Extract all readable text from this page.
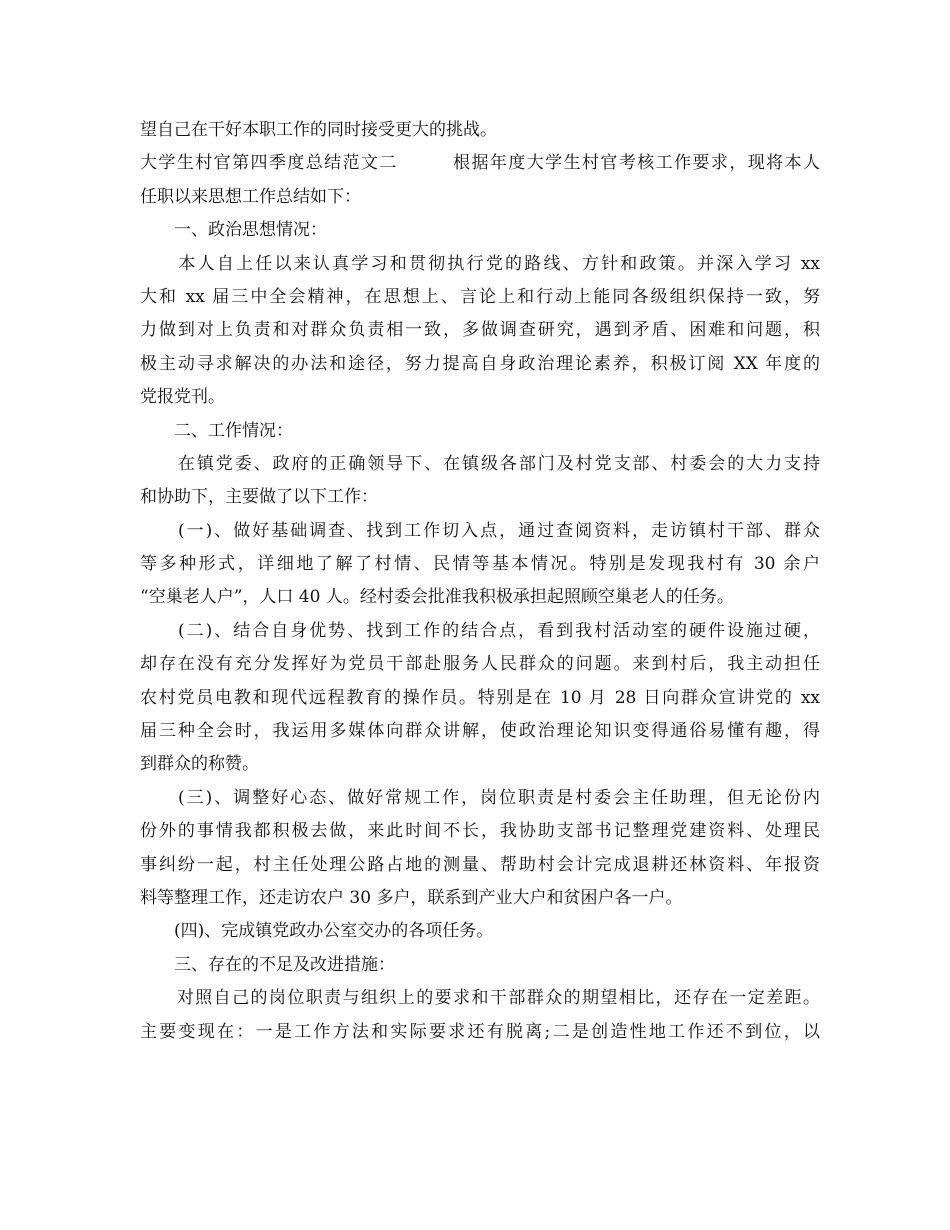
望自己在干好本职工作的同时接受更大的挑战。
大学生村官第四季度总结范文二　　　根据年度大学生村官考核工作要求，现将本人
任职以来思想工作总结如下：
　　一、政治思想情况：
　　本人自上任以来认真学习和贯彻执行党的路线、方针和政策。并深入学习 xx
大和 xx 届三中全会精神，在思想上、言论上和行动上能同各级组织保持一致，努
力做到对上负责和对群众负责相一致，多做调查研究，遇到矛盾、困难和问题，积
极主动寻求解决的办法和途径，努力提高自身政治理论素养，积极订阅 XX 年度的
党报党刊。
　　二、工作情况：
　　在镇党委、政府的正确领导下、在镇级各部门及村党支部、村委会的大力支持
和协助下，主要做了以下工作：
　　(一)、做好基础调查、找到工作切入点，通过查阅资料，走访镇村干部、群众
等多种形式，详细地了解了村情、民情等基本情况。特别是发现我村有 30 余户
“空巢老人户”，人口 40 人。经村委会批准我积极承担起照顾空巢老人的任务。
　　(二)、结合自身优势、找到工作的结合点，看到我村活动室的硬件设施过硬，
却存在没有充分发挥好为党员干部赴服务人民群众的问题。来到村后，我主动担任
农村党员电教和现代远程教育的操作员。特别是在 10 月 28 日向群众宣讲党的 xx
届三种全会时，我运用多媒体向群众讲解，使政治理论知识变得通俗易懂有趣，得
到群众的称赞。
　　(三)、调整好心态、做好常规工作，岗位职责是村委会主任助理，但无论份内
份外的事情我都积极去做，来此时间不长，我协助支部书记整理党建资料、处理民
事纠纷一起，村主任处理公路占地的测量、帮助村会计完成退耕还林资料、年报资
料等整理工作，还走访农户 30 多户，联系到产业大户和贫困户各一户。
　　(四)、完成镇党政办公室交办的各项任务。
　　三、存在的不足及改进措施：
　　对照自己的岗位职责与组织上的要求和干部群众的期望相比，还存在一定差距。
主要变现在：一是工作方法和实际要求还有脱离;二是创造性地工作还不到位，以
